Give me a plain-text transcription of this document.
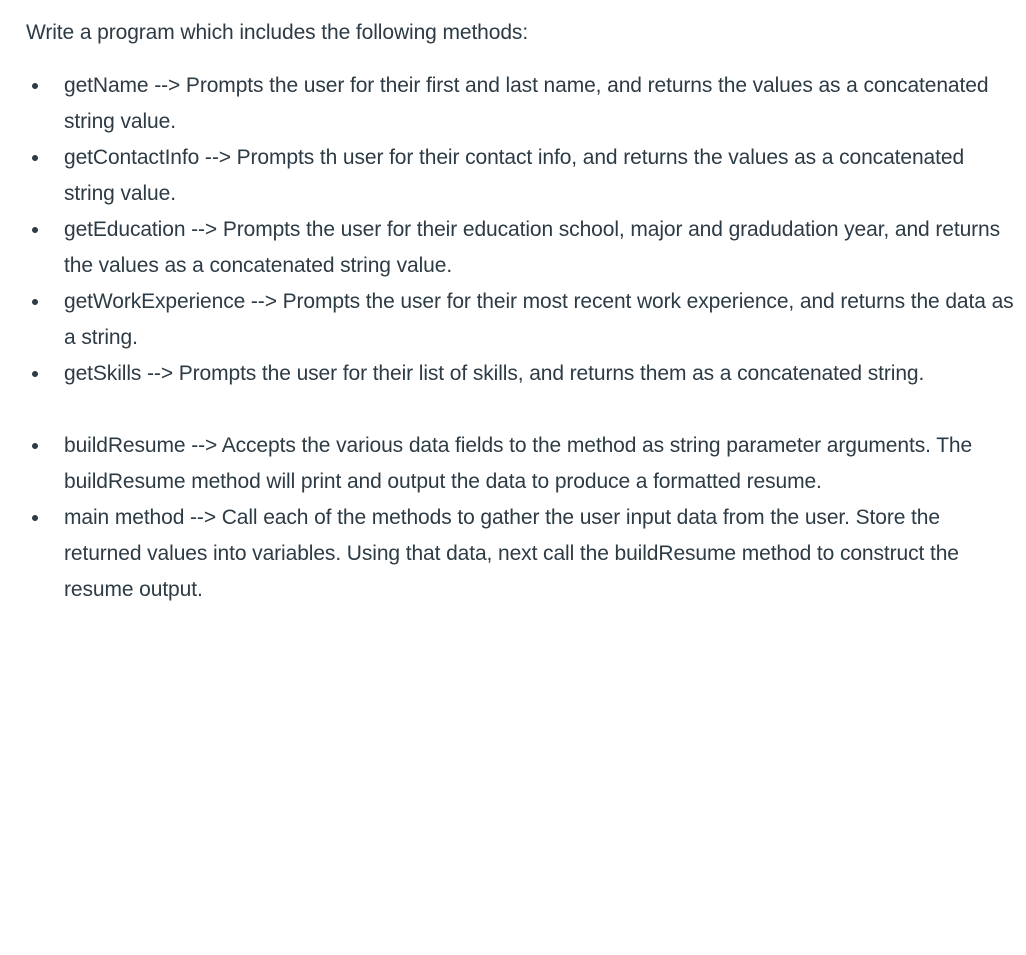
Write a program which includes the following methods:

getName --> Prompts the user for their first and last name, and returns the values as a concatenated string value.
getContactInfo --> Prompts th user for their contact info, and returns the values as a concatenated string value.
getEducation --> Prompts the user for their education school, major and gradudation year, and returns the values as a concatenated string value.
getWorkExperience --> Prompts the user for their most recent work experience, and returns the data as a string.
getSkills --> Prompts the user for their list of skills, and returns them as a concatenated string.
buildResume --> Accepts the various data fields to the method as string parameter arguments. The buildResume method will print and output the data to produce a formatted resume.
main method --> Call each of the methods to gather the user input data from the user. Store the returned values into variables. Using that data, next call the buildResume method to construct the resume output.
